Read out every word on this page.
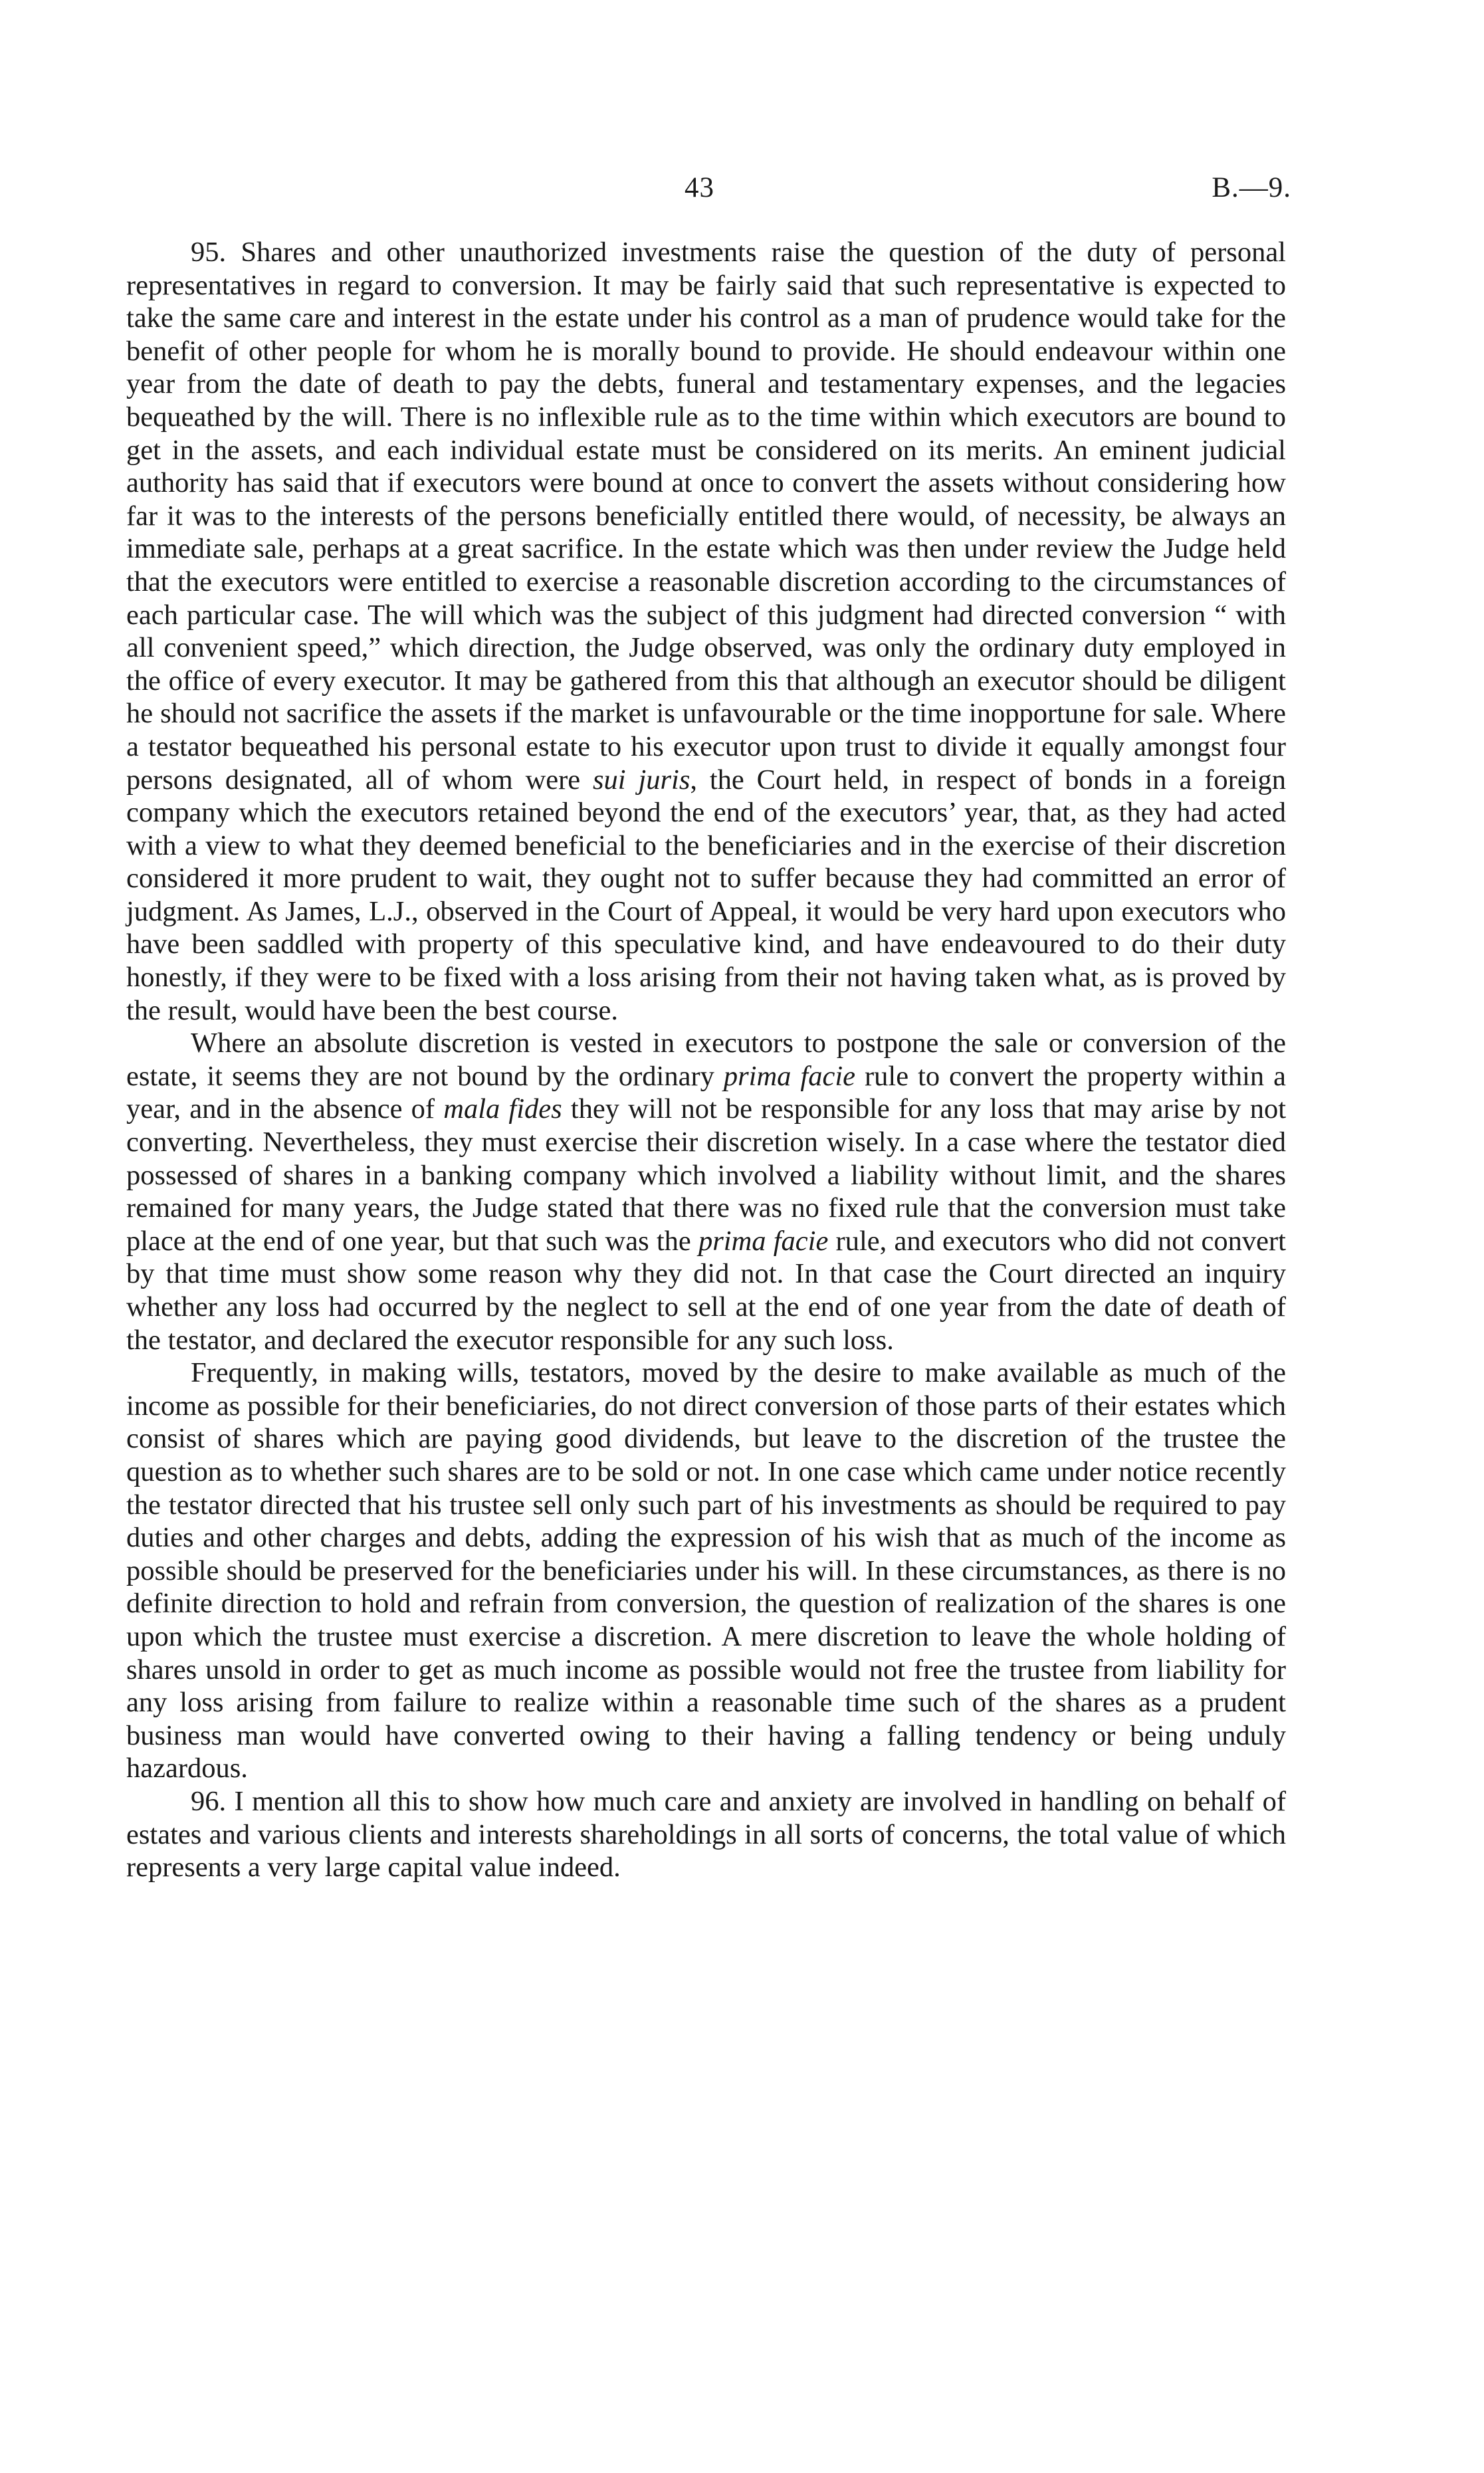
43	B.—9.

95. Shares and other unauthorized investments raise the question of the duty of personal representatives in regard to conversion. It may be fairly said that such representative is expected to take the same care and interest in the estate under his control as a man of prudence would take for the benefit of other people for whom he is morally bound to provide. He should endeavour within one year from the date of death to pay the debts, funeral and testamentary expenses, and the legacies bequeathed by the will. There is no inflexible rule as to the time within which executors are bound to get in the assets, and each individual estate must be considered on its merits. An eminent judicial authority has said that if executors were bound at once to convert the assets without considering how far it was to the interests of the persons beneficially entitled there would, of necessity, be always an immediate sale, perhaps at a great sacrifice. In the estate which was then under review the Judge held that the executors were entitled to exercise a reasonable discretion according to the circumstances of each particular case. The will which was the subject of this judgment had directed conversion “ with all convenient speed,” which direction, the Judge observed, was only the ordinary duty employed in the office of every executor. It may be gathered from this that although an executor should be diligent he should not sacrifice the assets if the market is unfavourable or the time inopportune for sale. Where a testator bequeathed his personal estate to his executor upon trust to divide it equally amongst four persons designated, all of whom were sui juris, the Court held, in respect of bonds in a foreign company which the executors retained beyond the end of the executors’ year, that, as they had acted with a view to what they deemed beneficial to the beneficiaries and in the exercise of their discretion considered it more prudent to wait, they ought not to suffer because they had committed an error of judgment. As James, L.J., observed in the Court of Appeal, it would be very hard upon executors who have been saddled with property of this speculative kind, and have endeavoured to do their duty honestly, if they were to be fixed with a loss arising from their not having taken what, as is proved by the result, would have been the best course.

Where an absolute discretion is vested in executors to postpone the sale or conversion of the estate, it seems they are not bound by the ordinary prima facie rule to convert the property within a year, and in the absence of mala fides they will not be responsible for any loss that may arise by not converting. Nevertheless, they must exercise their discretion wisely. In a case where the testator died possessed of shares in a banking company which involved a liability without limit, and the shares remained for many years, the Judge stated that there was no fixed rule that the conversion must take place at the end of one year, but that such was the prima facie rule, and executors who did not convert by that time must show some reason why they did not. In that case the Court directed an inquiry whether any loss had occurred by the neglect to sell at the end of one year from the date of death of the testator, and declared the executor responsible for any such loss.

Frequently, in making wills, testators, moved by the desire to make available as much of the income as possible for their beneficiaries, do not direct conversion of those parts of their estates which consist of shares which are paying good dividends, but leave to the discretion of the trustee the question as to whether such shares are to be sold or not. In one case which came under notice recently the testator directed that his trustee sell only such part of his investments as should be required to pay duties and other charges and debts, adding the expression of his wish that as much of the income as possible should be preserved for the beneficiaries under his will. In these circumstances, as there is no definite direction to hold and refrain from conversion, the question of realization of the shares is one upon which the trustee must exercise a discretion. A mere discretion to leave the whole holding of shares unsold in order to get as much income as possible would not free the trustee from liability for any loss arising from failure to realize within a reasonable time such of the shares as a prudent business man would have converted owing to their having a falling tendency or being unduly hazardous.

96. I mention all this to show how much care and anxiety are involved in handling on behalf of estates and various clients and interests shareholdings in all sorts of concerns, the total value of which represents a very large capital value indeed.
